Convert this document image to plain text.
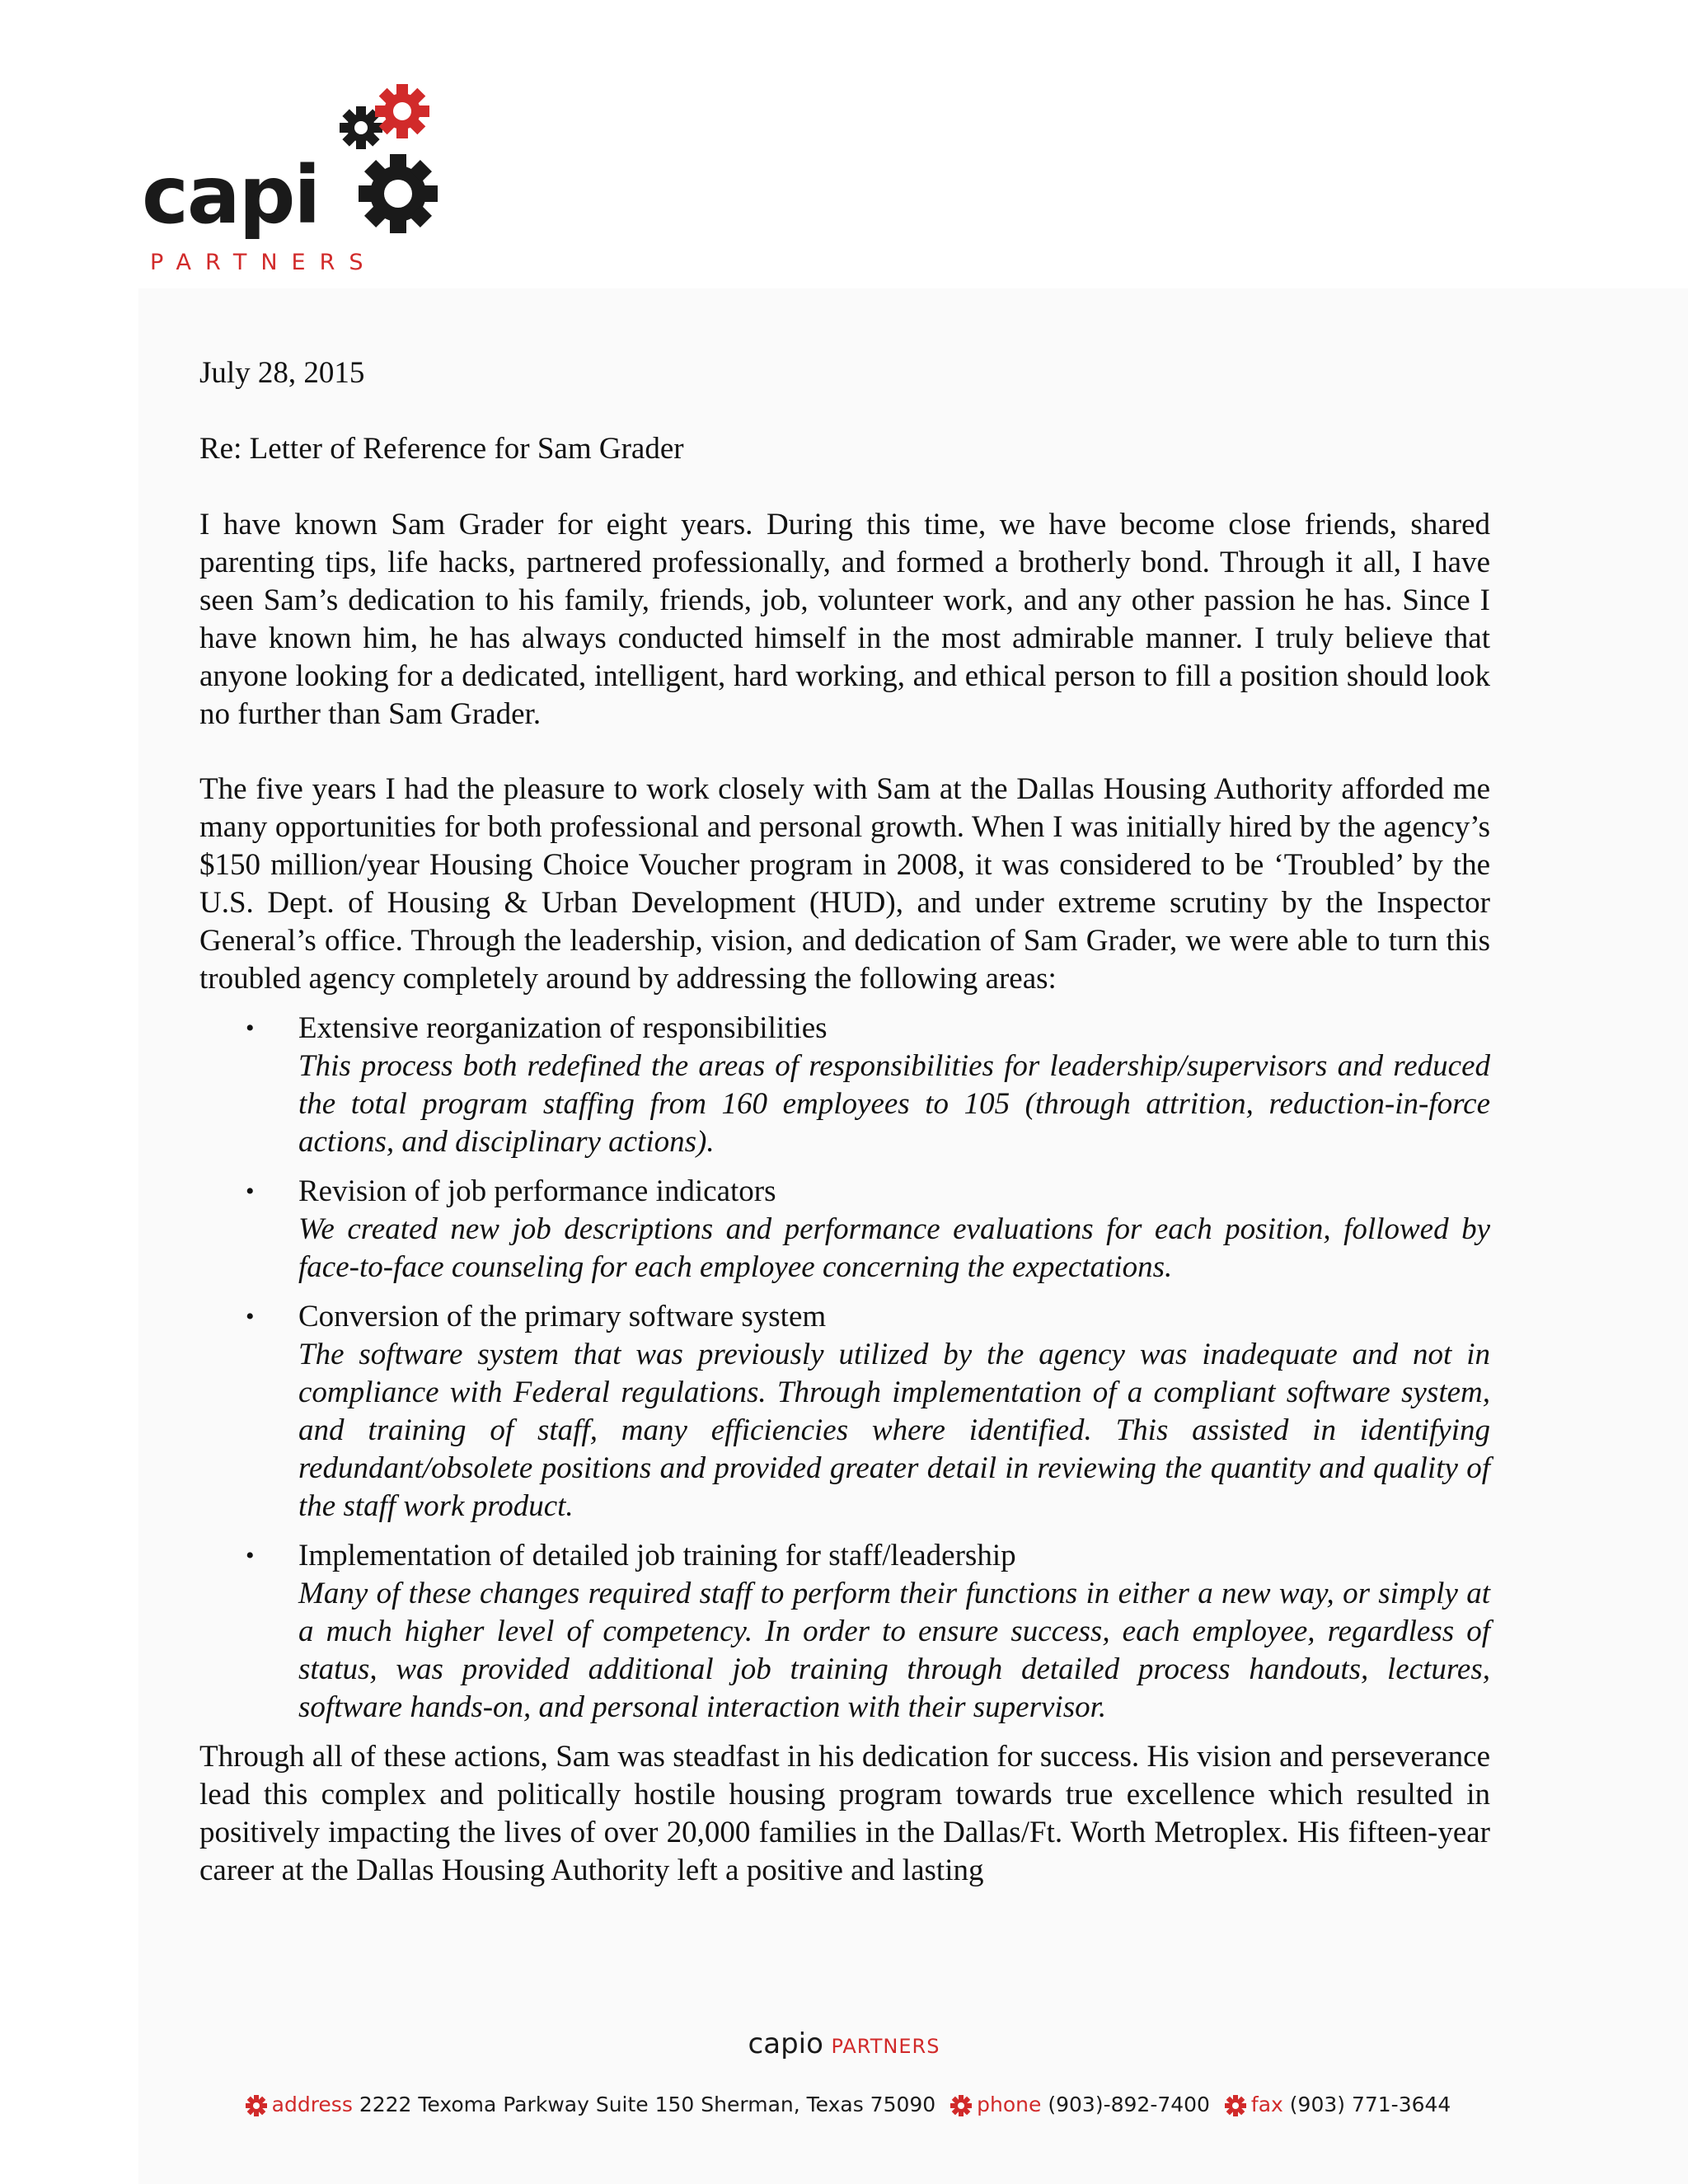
capi
PARTNERS

July 28, 2015

Re: Letter of Reference for Sam Grader

I have known Sam Grader for eight years. During this time, we have become close friends, shared parenting tips, life hacks, partnered professionally, and formed a brotherly bond. Through it all, I have seen Sam’s dedication to his family, friends, job, volunteer work, and any other passion he has. Since I have known him, he has always conducted himself in the most admirable manner. I truly believe that anyone looking for a dedicated, intelligent, hard working, and ethical person to fill a position should look no further than Sam Grader.

The five years I had the pleasure to work closely with Sam at the Dallas Housing Authority afforded me many opportunities for both professional and personal growth. When I was initially hired by the agency’s $150 million/year Housing Choice Voucher program in 2008, it was considered to be ‘Troubled’ by the U.S. Dept. of Housing & Urban Development (HUD), and under extreme scrutiny by the Inspector General’s office. Through the leadership, vision, and dedication of Sam Grader, we were able to turn this troubled agency completely around by addressing the following areas:

• Extensive reorganization of responsibilities
This process both redefined the areas of responsibilities for leadership/supervisors and reduced the total program staffing from 160 employees to 105 (through attrition, reduction-in-force actions, and disciplinary actions).
• Revision of job performance indicators
We created new job descriptions and performance evaluations for each position, followed by face-to-face counseling for each employee concerning the expectations.
• Conversion of the primary software system
The software system that was previously utilized by the agency was inadequate and not in compliance with Federal regulations. Through implementation of a compliant software system, and training of staff, many efficiencies where identified. This assisted in identifying redundant/obsolete positions and provided greater detail in reviewing the quantity and quality of the staff work product.
• Implementation of detailed job training for staff/leadership
Many of these changes required staff to perform their functions in either a new way, or simply at a much higher level of competency. In order to ensure success, each employee, regardless of status, was provided additional job training through detailed process handouts, lectures, software hands-on, and personal interaction with their supervisor.

Through all of these actions, Sam was steadfast in his dedication for success. His vision and perseverance lead this complex and politically hostile housing program towards true excellence which resulted in positively impacting the lives of over 20,000 families in the Dallas/Ft. Worth Metroplex. His fifteen-year career at the Dallas Housing Authority left a positive and lasting

capio PARTNERS
address 2222 Texoma Parkway Suite 150 Sherman, Texas 75090 phone (903)-892-7400 fax (903) 771-3644
